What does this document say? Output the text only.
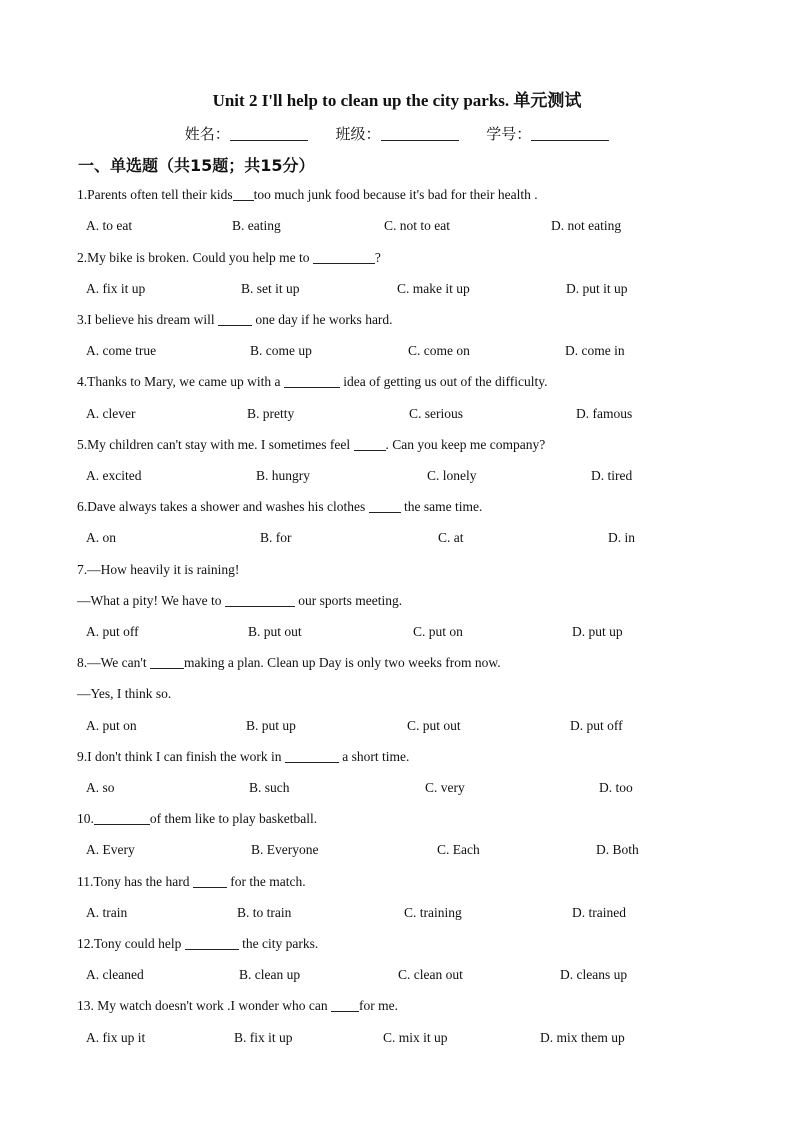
Unit 2 I'll help to clean up the city parks. 单元测试
姓名：	班级：	学号：
一、单选题（共15题；共15分）
1.Parents often tell their kids too much junk food because it's bad for their health .
A. to eat	B. eating	C. not to eat	D. not eating
2.My bike is broken. Could you help me to	?
A. fix it up	B. set it up	C. make it up	D. put it up
3.I believe his dream will	one day if he works hard.
A. come true	B. come up	C. come on	D. come in
4.Thanks to Mary, we came up with a	idea of getting us out of the difficulty.
A. clever	B. pretty	C. serious	D. famous
5.My children can't stay with me. I sometimes feel . Can you keep me company?
A. excited	B. hungry	C. lonely	D. tired
6.Dave always takes a shower and washes his clothes  the same time.
A. on	B. for	C. at	D. in
7.—How heavily it is raining!
—What a pity! We have to	our sports meeting.
A. put off	B. put out	C. put on	D. put up
8.—We can't	making a plan. Clean up Day is only two weeks from now.
—Yes, I think so.
A. put on	B. put up	C. put out	D. put off
9.I don't think I can finish the work in	a short time.
A. so	B. such	C. very	D. too
10.	of them like to play basketball.
A. Every	B. Everyone	C. Each	D. Both
11.Tony has the hard	for the match.
A. train	B. to train	C. training	D. trained
12.Tony could help	the city parks.
A. cleaned	B. clean up	C. clean out	D. cleans up
13. My watch doesn't work .I wonder who can for me.
A. fix up it	B. fix it up	C. mix it up	D. mix them up
